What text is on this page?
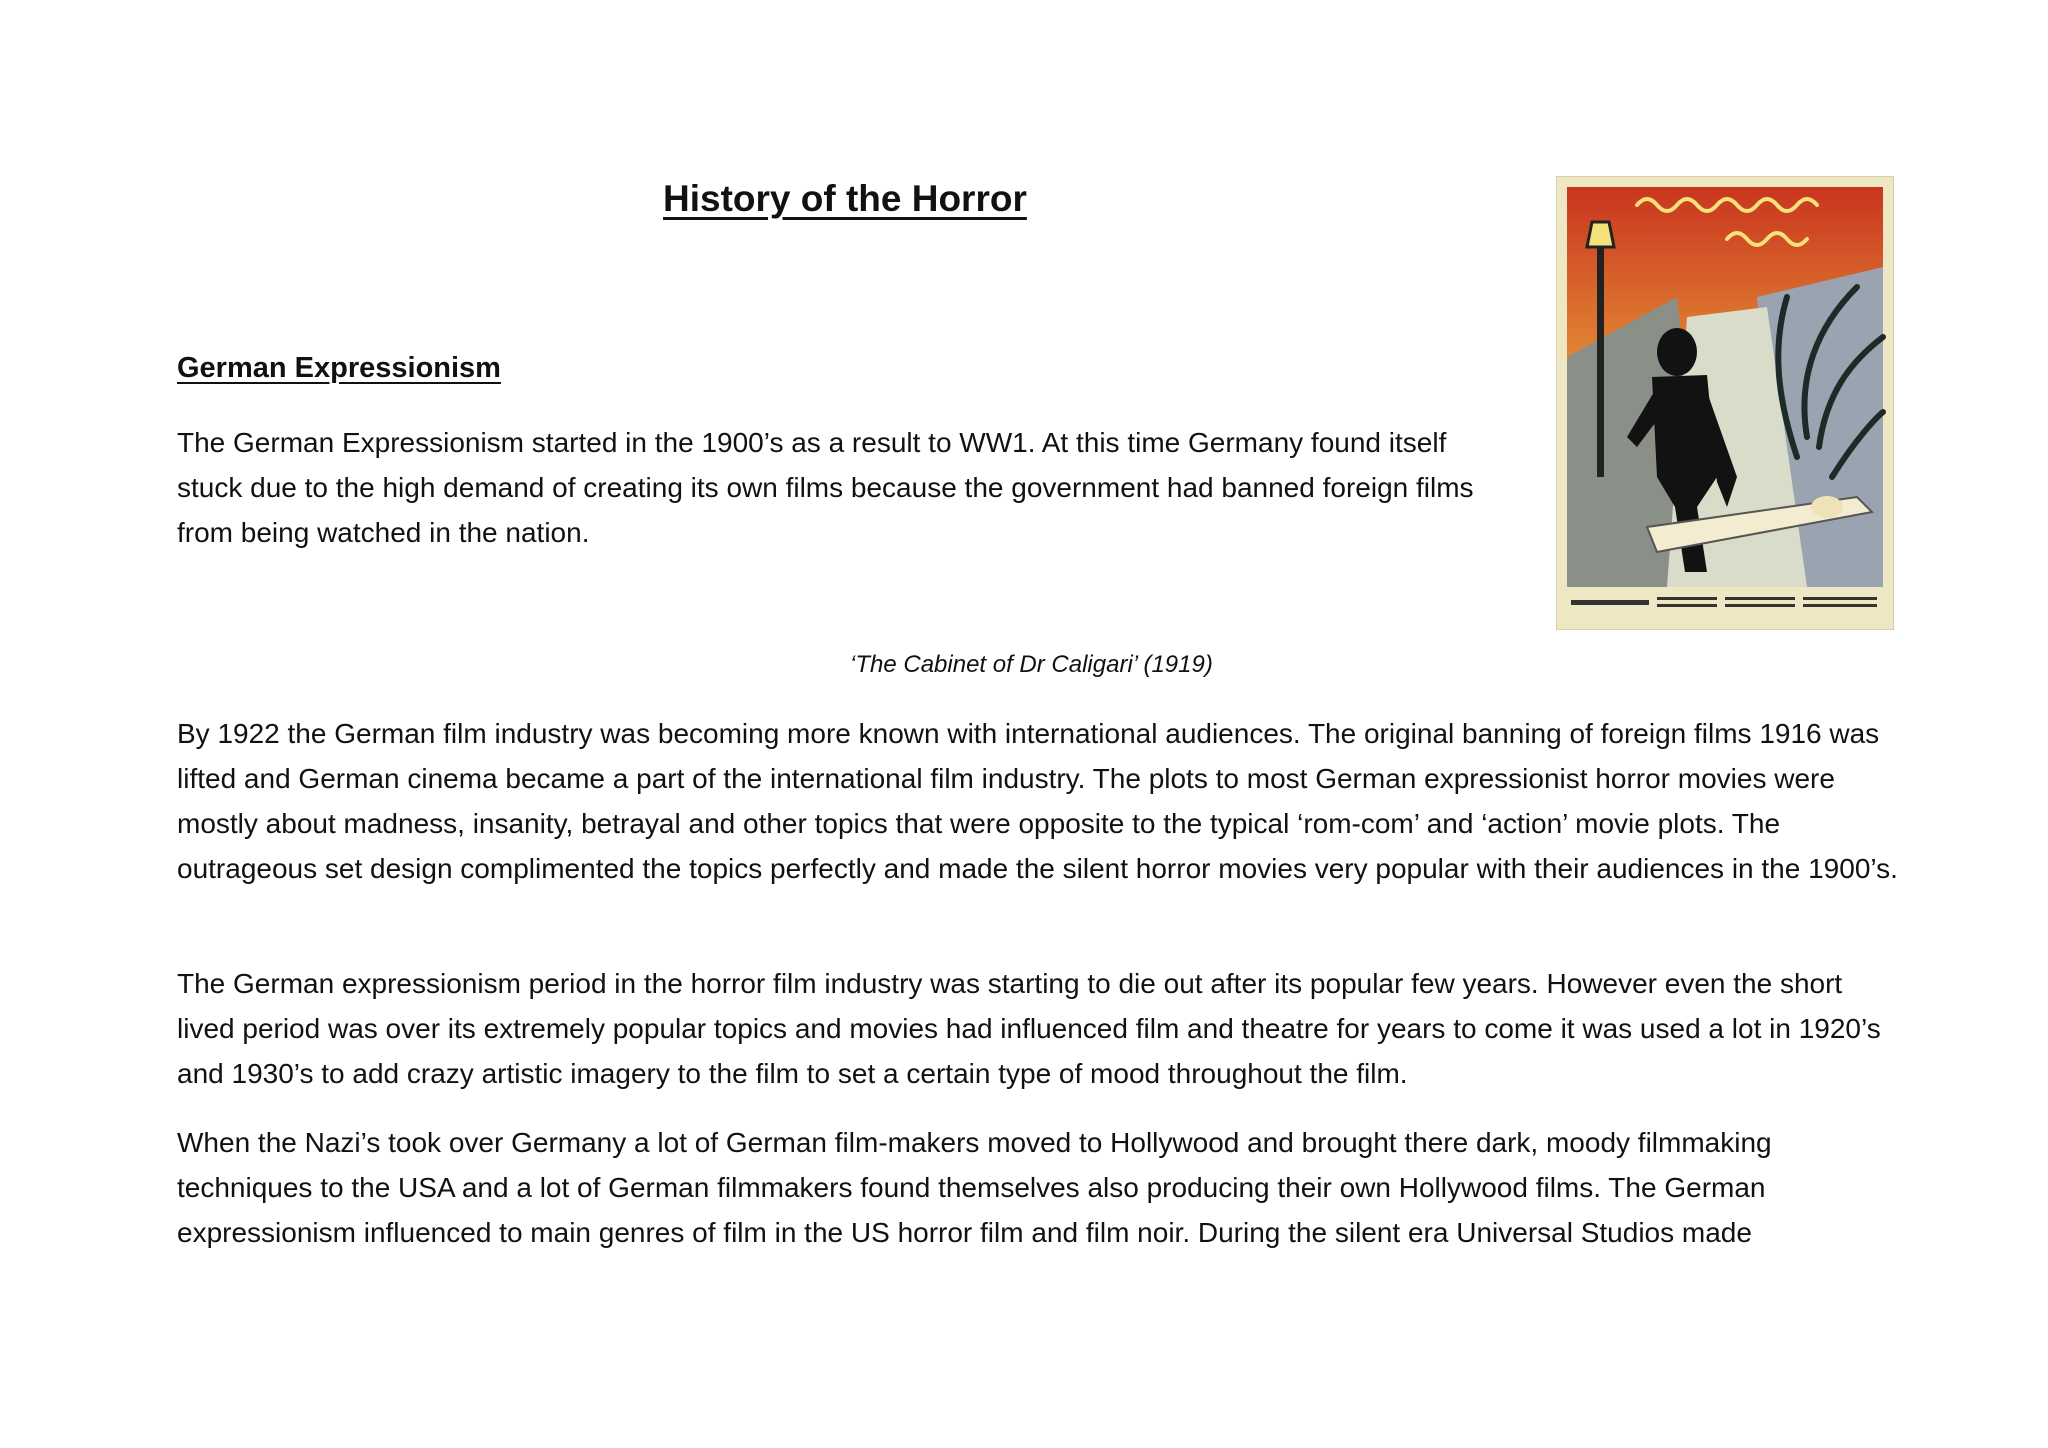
History of the Horror
German Expressionism

The German Expressionism started in the 1900’s as a result to WW1. At this time Germany found itself stuck due to the high demand of creating its own films because the government had banned foreign films from being watched in the nation.

‘The Cabinet of Dr Caligari’ (1919)

By 1922 the German film industry was becoming more known with international audiences. The original banning of foreign films 1916 was lifted and German cinema became a part of the international film industry. The plots to most German expressionist horror movies were mostly about madness, insanity, betrayal and other topics that were opposite to the typical ‘rom-com’ and ‘action’ movie plots. The outrageous set design complimented the topics perfectly and made the silent horror movies very popular with their audiences in the 1900’s.

The German expressionism period in the horror film industry was starting to die out after its popular few years. However even the short lived period was over its extremely popular topics and movies had influenced film and theatre for years to come it was used a lot in 1920’s and 1930’s to add crazy artistic imagery to the film to set a certain type of mood throughout the film.

When the Nazi’s took over Germany a lot of German film-makers moved to Hollywood and brought there dark, moody filmmaking techniques to the USA and a lot of German filmmakers found themselves also producing their own Hollywood films. The German expressionism influenced to main genres of film in the US horror film and film noir. During the silent era Universal Studios made
